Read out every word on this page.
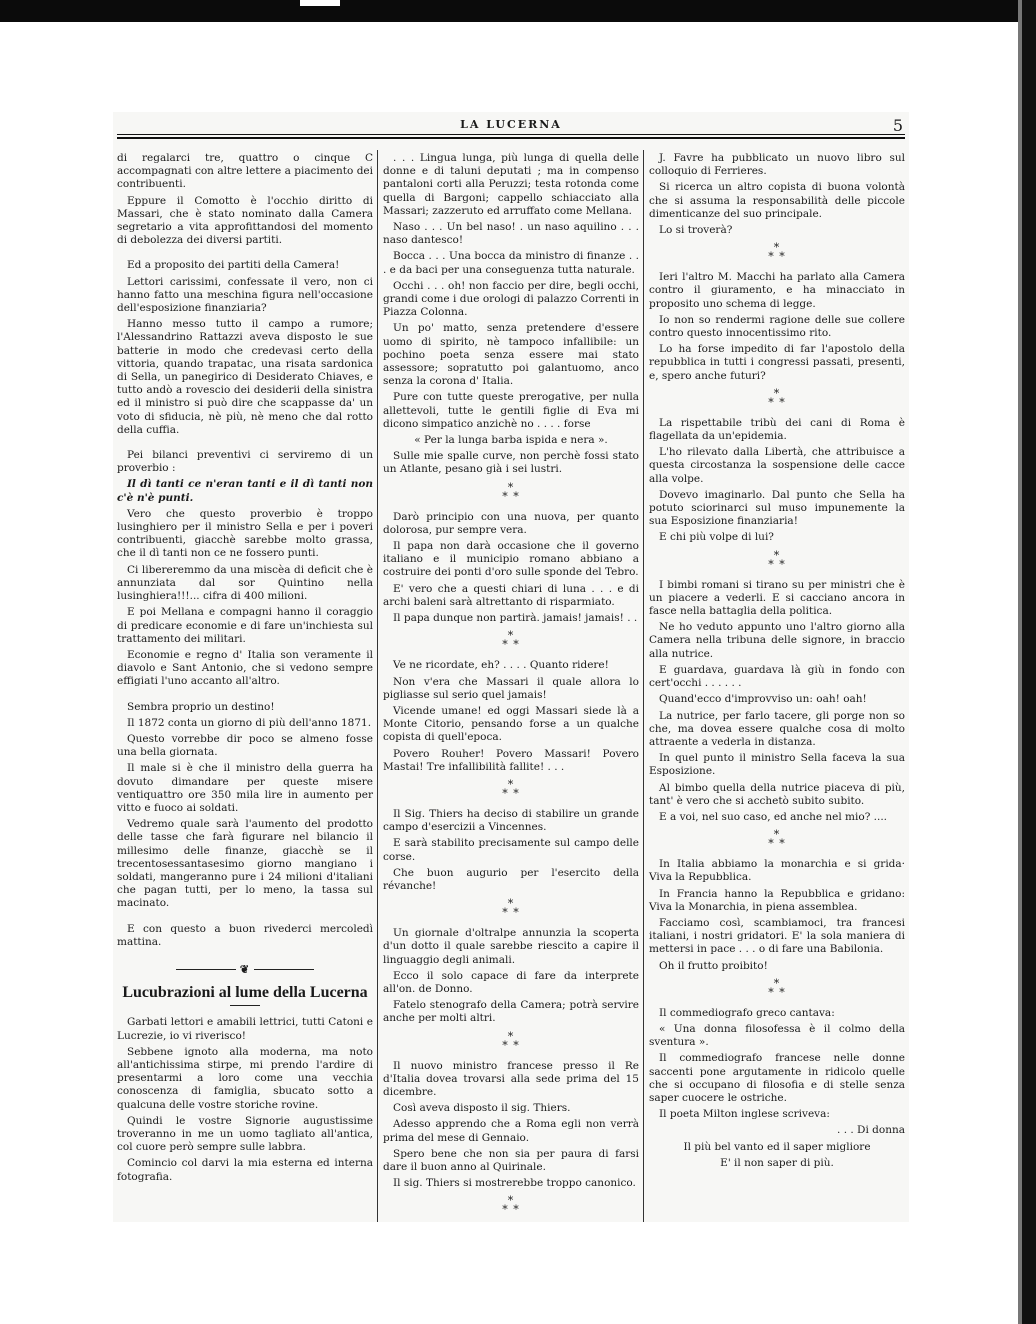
LA LUCERNA	5

di regalarci tre, quattro o cinque C accompagnati con altre lettere a piacimento dei contribuenti.

Eppure il Comotto è l'occhio diritto di Massari, che è stato nominato dalla Camera segretario a vita approfittandosi del momento di debolezza dei diversi partiti.

Ed a proposito dei partiti della Camera!

Lettori carissimi, confessate il vero, non ci hanno fatto una meschina figura nell'occasione dell'esposizione finanziaria?

Hanno messo tutto il campo a rumore; l'Alessandrino Rattazzi aveva disposto le sue batterie in modo che credevasi certo della vittoria, quando trapatac, una risata sardonica di Sella, un panegirico di Desiderato Chiaves, e tutto andò a rovescio dei desiderii della sinistra ed il ministro si può dire che scappasse da' un voto di sfiducia, nè più, nè meno che dal rotto della cuffia.

Pei bilanci preventivi ci serviremo di un proverbio :

Il dì tanti ce n'eran tanti e il dì tanti non c'è n'è punti.

Vero che questo proverbio è troppo lusinghiero per il ministro Sella e per i poveri contribuenti, giacchè sarebbe molto grassa, che il dì tanti non ce ne fossero punti.

Ci libereremmo da una miscèa di deficit che è annunziata dal sor Quintino nella lusinghiera!!!... cifra di 400 milioni.

E poi Mellana e compagni hanno il coraggio di predicare economie e di fare un'inchiesta sul trattamento dei militari.

Economie e regno d' Italia son veramente il diavolo e Sant Antonio, che si vedono sempre effigiati l'uno accanto all'altro.

Sembra proprio un destino!

Il 1872 conta un giorno di più dell'anno 1871.

Questo vorrebbe dir poco se almeno fosse una bella giornata.

Il male si è che il ministro della guerra ha dovuto dimandare per queste misere ventiquattro ore 350 mila lire in aumento per vitto e fuoco ai soldati.

Vedremo quale sarà l'aumento del prodotto delle tasse che farà figurare nel bilancio il millesimo delle finanze, giacchè se il trecentosessantasesimo giorno mangiano i soldati, mangeranno pure i 24 milioni d'italiani che pagan tutti, per lo meno, la tassa sul macinato.

E con questo a buon rivederci mercoledì mattina.

❦
Lucubrazioni al lume della Lucerna

Garbati lettori e amabili lettrici, tutti Catoni e Lucrezie, io vi riverisco!

Sebbene ignoto alla moderna, ma noto all'antichissima stirpe, mi prendo l'ardire di presentarmi a loro come una vecchia conoscenza di famiglia, sbucato sotto a qualcuna delle vostre storiche rovine.

Quindi le vostre Signorie augustissime troveranno in me un uomo tagliato all'antica, col cuore però sempre sulle labbra.

Comincio col darvi la mia esterna ed interna fotografia.

. . . Lingua lunga, più lunga di quella delle donne e di taluni deputati ; ma in compenso pantaloni corti alla Peruzzi; testa rotonda come quella di Bargoni; cappello schiacciato alla Massari; zazzeruto ed arruffato come Mellana.

Naso . . . Un bel naso! . un naso aquilino . . . naso dantesco!

Bocca . . . Una bocca da ministro di finanze . . . e da baci per una conseguenza tutta naturale.

Occhi . . . oh! non faccio per dire, begli occhi, grandi come i due orologi di palazzo Correnti in Piazza Colonna.

Un po' matto, senza pretendere d'essere uomo di spirito, nè tampoco infallibile: un pochino poeta senza essere mai stato assessore; sopratutto poi galantuomo, anco senza la corona d' Italia.

Pure con tutte queste prerogative, per nulla allettevoli, tutte le gentili figlie di Eva mi dicono simpatico anzichè no . . . . forse

« Per la lunga barba ispida e nera ».

Sulle mie spalle curve, non perchè fossi stato un Atlante, pesano già i sei lustri.

*
* *

Darò principio con una nuova, per quanto dolorosa, pur sempre vera.

Il papa non darà occasione che il governo italiano e il municipio romano abbiano a costruire dei ponti d'oro sulle sponde del Tebro.

E' vero che a questi chiari di luna . . . e di archi baleni sarà altrettanto di risparmiato.

Il papa dunque non partirà. jamais! jamais! . .

*
* *

Ve ne ricordate, eh? . . . . Quanto ridere!

Non v'era che Massari il quale allora lo pigliasse sul serio quel jamais!

Vicende umane! ed oggi Massari siede là a Monte Citorio, pensando forse a un qualche copista di quell'epoca.

Povero Rouher! Povero Massari! Povero Mastai! Tre infallibilità fallite! . . .

*
* *

Il Sig. Thiers ha deciso di stabilire un grande campo d'esercizii a Vincennes.

E sarà stabilito precisamente sul campo delle corse.

Che buon augurio per l'esercito della révanche!

*
* *

Un giornale d'oltralpe annunzia la scoperta d'un dotto il quale sarebbe riescito a capire il linguaggio degli animali.

Ecco il solo capace di fare da interprete all'on. de Donno.

Fatelo stenografo della Camera; potrà servire anche per molti altri.

*
* *

Il nuovo ministro francese presso il Re d'Italia dovea trovarsi alla sede prima del 15 dicembre.

Così aveva disposto il sig. Thiers.

Adesso apprendo che a Roma egli non verrà prima del mese di Gennaio.

Spero bene che non sia per paura di farsi dare il buon anno al Quirinale.

Il sig. Thiers si mostrerebbe troppo canonico.

*
* *

J. Favre ha pubblicato un nuovo libro sul colloquio di Ferrieres.

Si ricerca un altro copista di buona volontà che si assuma la responsabilità delle piccole dimenticanze del suo principale.

Lo si troverà?

*
* *

Ieri l'altro M. Macchi ha parlato alla Camera contro il giuramento, e ha minacciato in proposito uno schema di legge.

Io non so rendermi ragione delle sue collere contro questo innocentissimo rito.

Lo ha forse impedito di far l'apostolo della repubblica in tutti i congressi passati, presenti, e, spero anche futuri?

*
* *

La rispettabile tribù dei cani di Roma è flagellata da un'epidemia.

L'ho rilevato dalla Libertà, che attribuisce a questa circostanza la sospensione delle cacce alla volpe.

Dovevo imaginarlo. Dal punto che Sella ha potuto sciorinarci sul muso impunemente la sua Esposizione finanziaria!

E chi più volpe di lui?

*
* *

I bimbi romani si tirano su per ministri che è un piacere a vederli. E si cacciano ancora in fasce nella battaglia della politica.

Ne ho veduto appunto uno l'altro giorno alla Camera nella tribuna delle signore, in braccio alla nutrice.

E guardava, guardava là giù in fondo con cert'occhi . . . . . .

Quand'ecco d'improvviso un: oah! oah!

La nutrice, per farlo tacere, gli porge non so che, ma dovea essere qualche cosa di molto attraente a vederla in distanza.

In quel punto il ministro Sella faceva la sua Esposizione.

Al bimbo quella della nutrice piaceva di più, tant' è vero che si acchetò subito subito.

E a voi, nel suo caso, ed anche nel mio? ....

*
* *

In Italia abbiamo la monarchia e si grida· Viva la Repubblica.

In Francia hanno la Repubblica e gridano: Viva la Monarchia, in piena assemblea.

Facciamo così, scambiamoci, tra francesi italiani, i nostri gridatori. E' la sola maniera di mettersi in pace . . . o di fare una Babilonia.

Oh il frutto proibito!

*
* *

Il commediografo greco cantava:

« Una donna filosofessa è il colmo della sventura ».

Il commediografo francese nelle donne saccenti pone argutamente in ridicolo quelle che si occupano di filosofia e di stelle senza saper cuocere le ostriche.

Il poeta Milton inglese scriveva:

. . . Di donna

Il più bel vanto ed il saper migliore

E' il non saper di più.
